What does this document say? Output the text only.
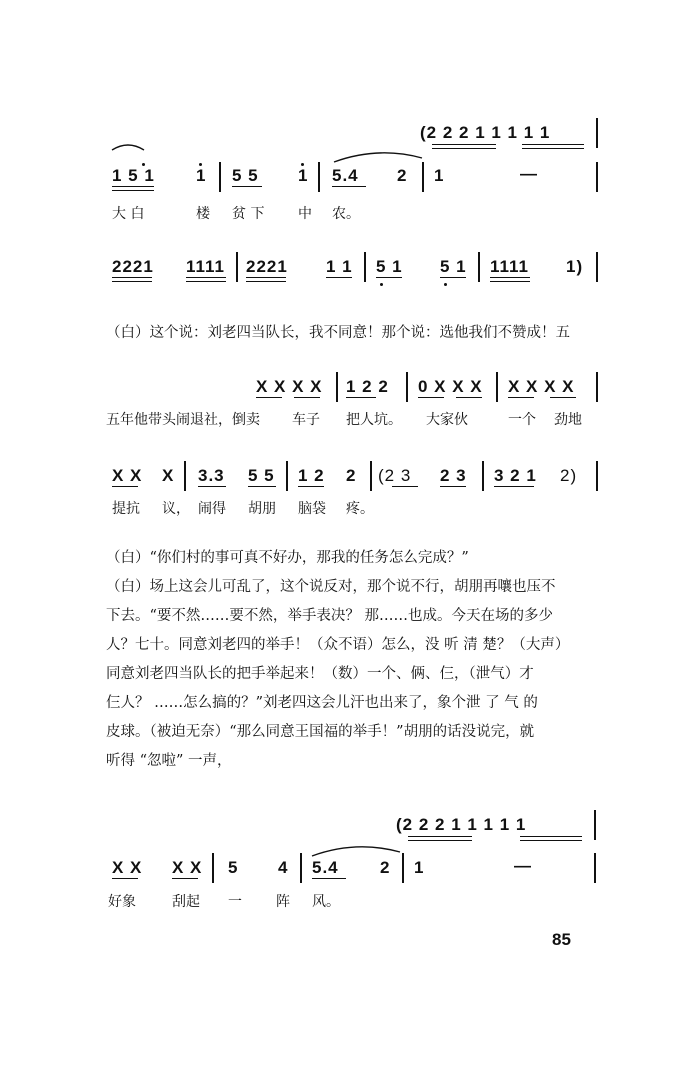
(2 2 2 1 1 1 1 1
1 5 1 1 5 5 1 5.4 2 1	—
大 白	楼 贫 下 中 农。
2221 1111 2221 1 1 5 1 5 1 1111 1)
（白）这个说：刘老四当队长，我不同意！那个说：选他我们不赞成！五
X X X X 1 2 2 0 X X X X X X X
五年他带头闹退社，倒卖 车子 把人坑。 大家伙	一个 劲地
X X X 3.3 5 5 1 2 2 (2 3 2 3 3 2 1 2)
提抗 议， 闹得 胡朋 脑袋 疼。
（白）“你们村的事可真不好办，那我的任务怎么完成？”
（白）场上这会儿可乱了，这个说反对，那个说不行，胡朋再嚷也压不
下去。“要不然……要不然，举手表决？ 那……也成。今天在场的多少
人？七十。同意刘老四的举手！（众不语）怎么，没 听 清 楚？（大声）
同意刘老四当队长的把手举起来！（数）一个、俩、仨，（泄气）才
仨人？ ……怎么搞的？”刘老四这会儿汗也出来了，象个泄 了 气 的
皮球。（被迫无奈）“那么同意王国福的举手！”胡朋的话没说完，就
听得 “忽啦” 一声，
(2 2 2 1 1 1 1 1
X X X X 5 4 5.4 2 1	—
好象	刮起 一 阵 风。
85
